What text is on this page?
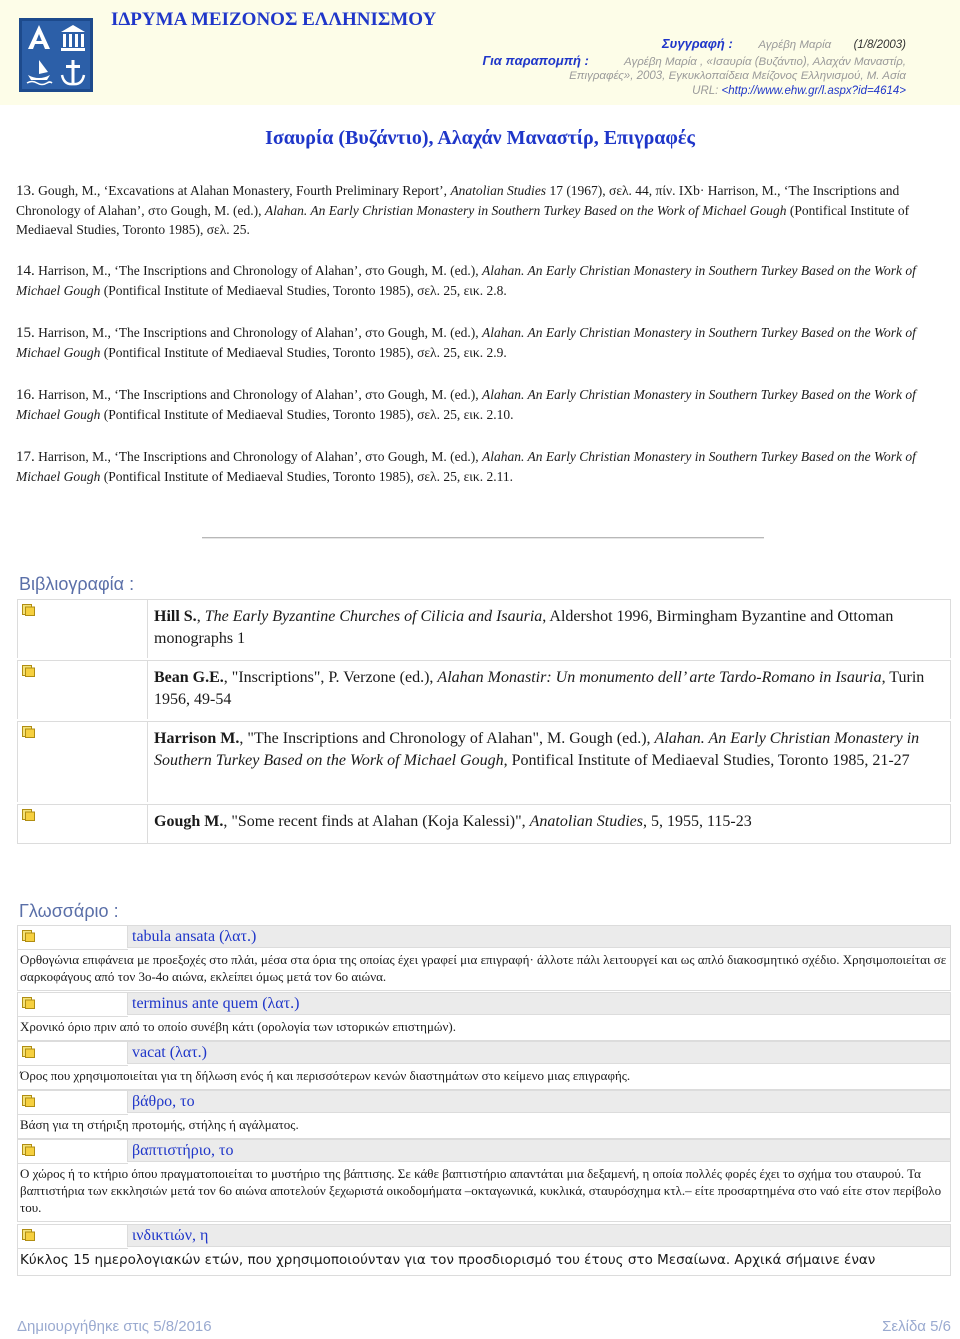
ΙΔΡΥΜΑ ΜΕΙΖΟΝΟΣ ΕΛΛΗΝΙΣΜΟΥ
Συγγραφή : Αγρέβη Μαρία (1/8/2003)
Για παραπομπή :	Αγρέβη Μαρία , «Ισαυρία (Βυζάντιο), Αλαχάν Μαναστίρ,
Επιγραφές», 2003, Εγκυκλοπαίδεια Μείζονος Ελληνισμού, Μ. Ασία
URL: <http://www.ehw.gr/l.aspx?id=4614>
Ισαυρία (Βυζάντιο), Αλαχάν Μαναστίρ, Επιγραφές
13. Gough, M., ‘Excavations at Alahan Monastery, Fourth Preliminary Report’, Anatolian Studies 17 (1967), σελ. 44, πίν. IXb· Harrison, M., ‘The Inscriptions and Chronology of Alahan’, στο Gough, M. (ed.), Alahan. An Early Christian Monastery in Southern Turkey Based on the Work of Michael Gough (Pontifical Institute of Mediaeval Studies, Toronto 1985), σελ. 25.
14. Harrison, M., ‘The Inscriptions and Chronology of Alahan’, στο Gough, M. (ed.), Alahan. An Early Christian Monastery in Southern Turkey Based on the Work of Michael Gough (Pontifical Institute of Mediaeval Studies, Toronto 1985), σελ. 25, εικ. 2.8.
15. Harrison, M., ‘The Inscriptions and Chronology of Alahan’, στο Gough, M. (ed.), Alahan. An Early Christian Monastery in Southern Turkey Based on the Work of Michael Gough (Pontifical Institute of Mediaeval Studies, Toronto 1985), σελ. 25, εικ. 2.9.
16. Harrison, M., ‘The Inscriptions and Chronology of Alahan’, στο Gough, M. (ed.), Alahan. An Early Christian Monastery in Southern Turkey Based on the Work of Michael Gough (Pontifical Institute of Mediaeval Studies, Toronto 1985), σελ. 25, εικ. 2.10.
17. Harrison, M., ‘The Inscriptions and Chronology of Alahan’, στο Gough, M. (ed.), Alahan. An Early Christian Monastery in Southern Turkey Based on the Work of Michael Gough (Pontifical Institute of Mediaeval Studies, Toronto 1985), σελ. 25, εικ. 2.11.
Βιβλιογραφία :
Hill S., The Early Byzantine Churches of Cilicia and Isauria, Aldershot 1996, Birmingham Byzantine and Ottoman monographs 1
Bean G.E., "Inscriptions", P. Verzone (ed.), Alahan Monastir: Un monumento dell’ arte Tardo-Romano in Isauria, Turin 1956, 49-54
Harrison M., "The Inscriptions and Chronology of Alahan", M. Gough (ed.), Alahan. An Early Christian Monastery in Southern Turkey Based on the Work of Michael Gough, Pontifical Institute of Mediaeval Studies, Toronto 1985, 21-27
Gough M., "Some recent finds at Alahan (Koja Kalessi)", Anatolian Studies, 5, 1955, 115-23
Γλωσσάριο :
tabula ansata (λατ.)
Ορθογώνια επιφάνεια με προεξοχές στο πλάι, μέσα στα όρια της οποίας έχει γραφεί μια επιγραφή· άλλοτε πάλι λειτουργεί και ως απλό διακοσμητικό σχέδιο. Χρησιμοποιείται σε σαρκοφάγους από τον 3ο-4ο αιώνα, εκλείπει όμως μετά τον 6ο αιώνα.
terminus ante quem (λατ.)
Χρονικό όριο πριν από το οποίο συνέβη κάτι (ορολογία των ιστορικών επιστημών).
vacat (λατ.)
Όρος που χρησιμοποιείται για τη δήλωση ενός ή και περισσότερων κενών διαστημάτων στο κείμενο μιας επιγραφής.
βάθρο, το
Βάση για τη στήριξη προτομής, στήλης ή αγάλματος.
βαπτιστήριο, το
Ο χώρος ή το κτήριο όπου πραγματοποιείται το μυστήριο της βάπτισης. Σε κάθε βαπτιστήριο απαντάται μια δεξαμενή, η οποία πολλές φορές έχει το σχήμα του σταυρού. Τα βαπτιστήρια των εκκλησιών μετά τον 6ο αιώνα αποτελούν ξεχωριστά οικοδομήματα –οκταγωνικά, κυκλικά, σταυρόσχημα κτλ.– είτε προσαρτημένα στο ναό είτε στον περίβολο του.
ινδικτιών, η
Κύκλος 15 ημερολογιακών ετών, που χρησιμοποιούνταν για τον προσδιορισμό του έτους στο Μεσαίωνα. Αρχικά σήμαινε έναν
Δημιουργήθηκε στις 5/8/2016	Σελίδα 5/6
